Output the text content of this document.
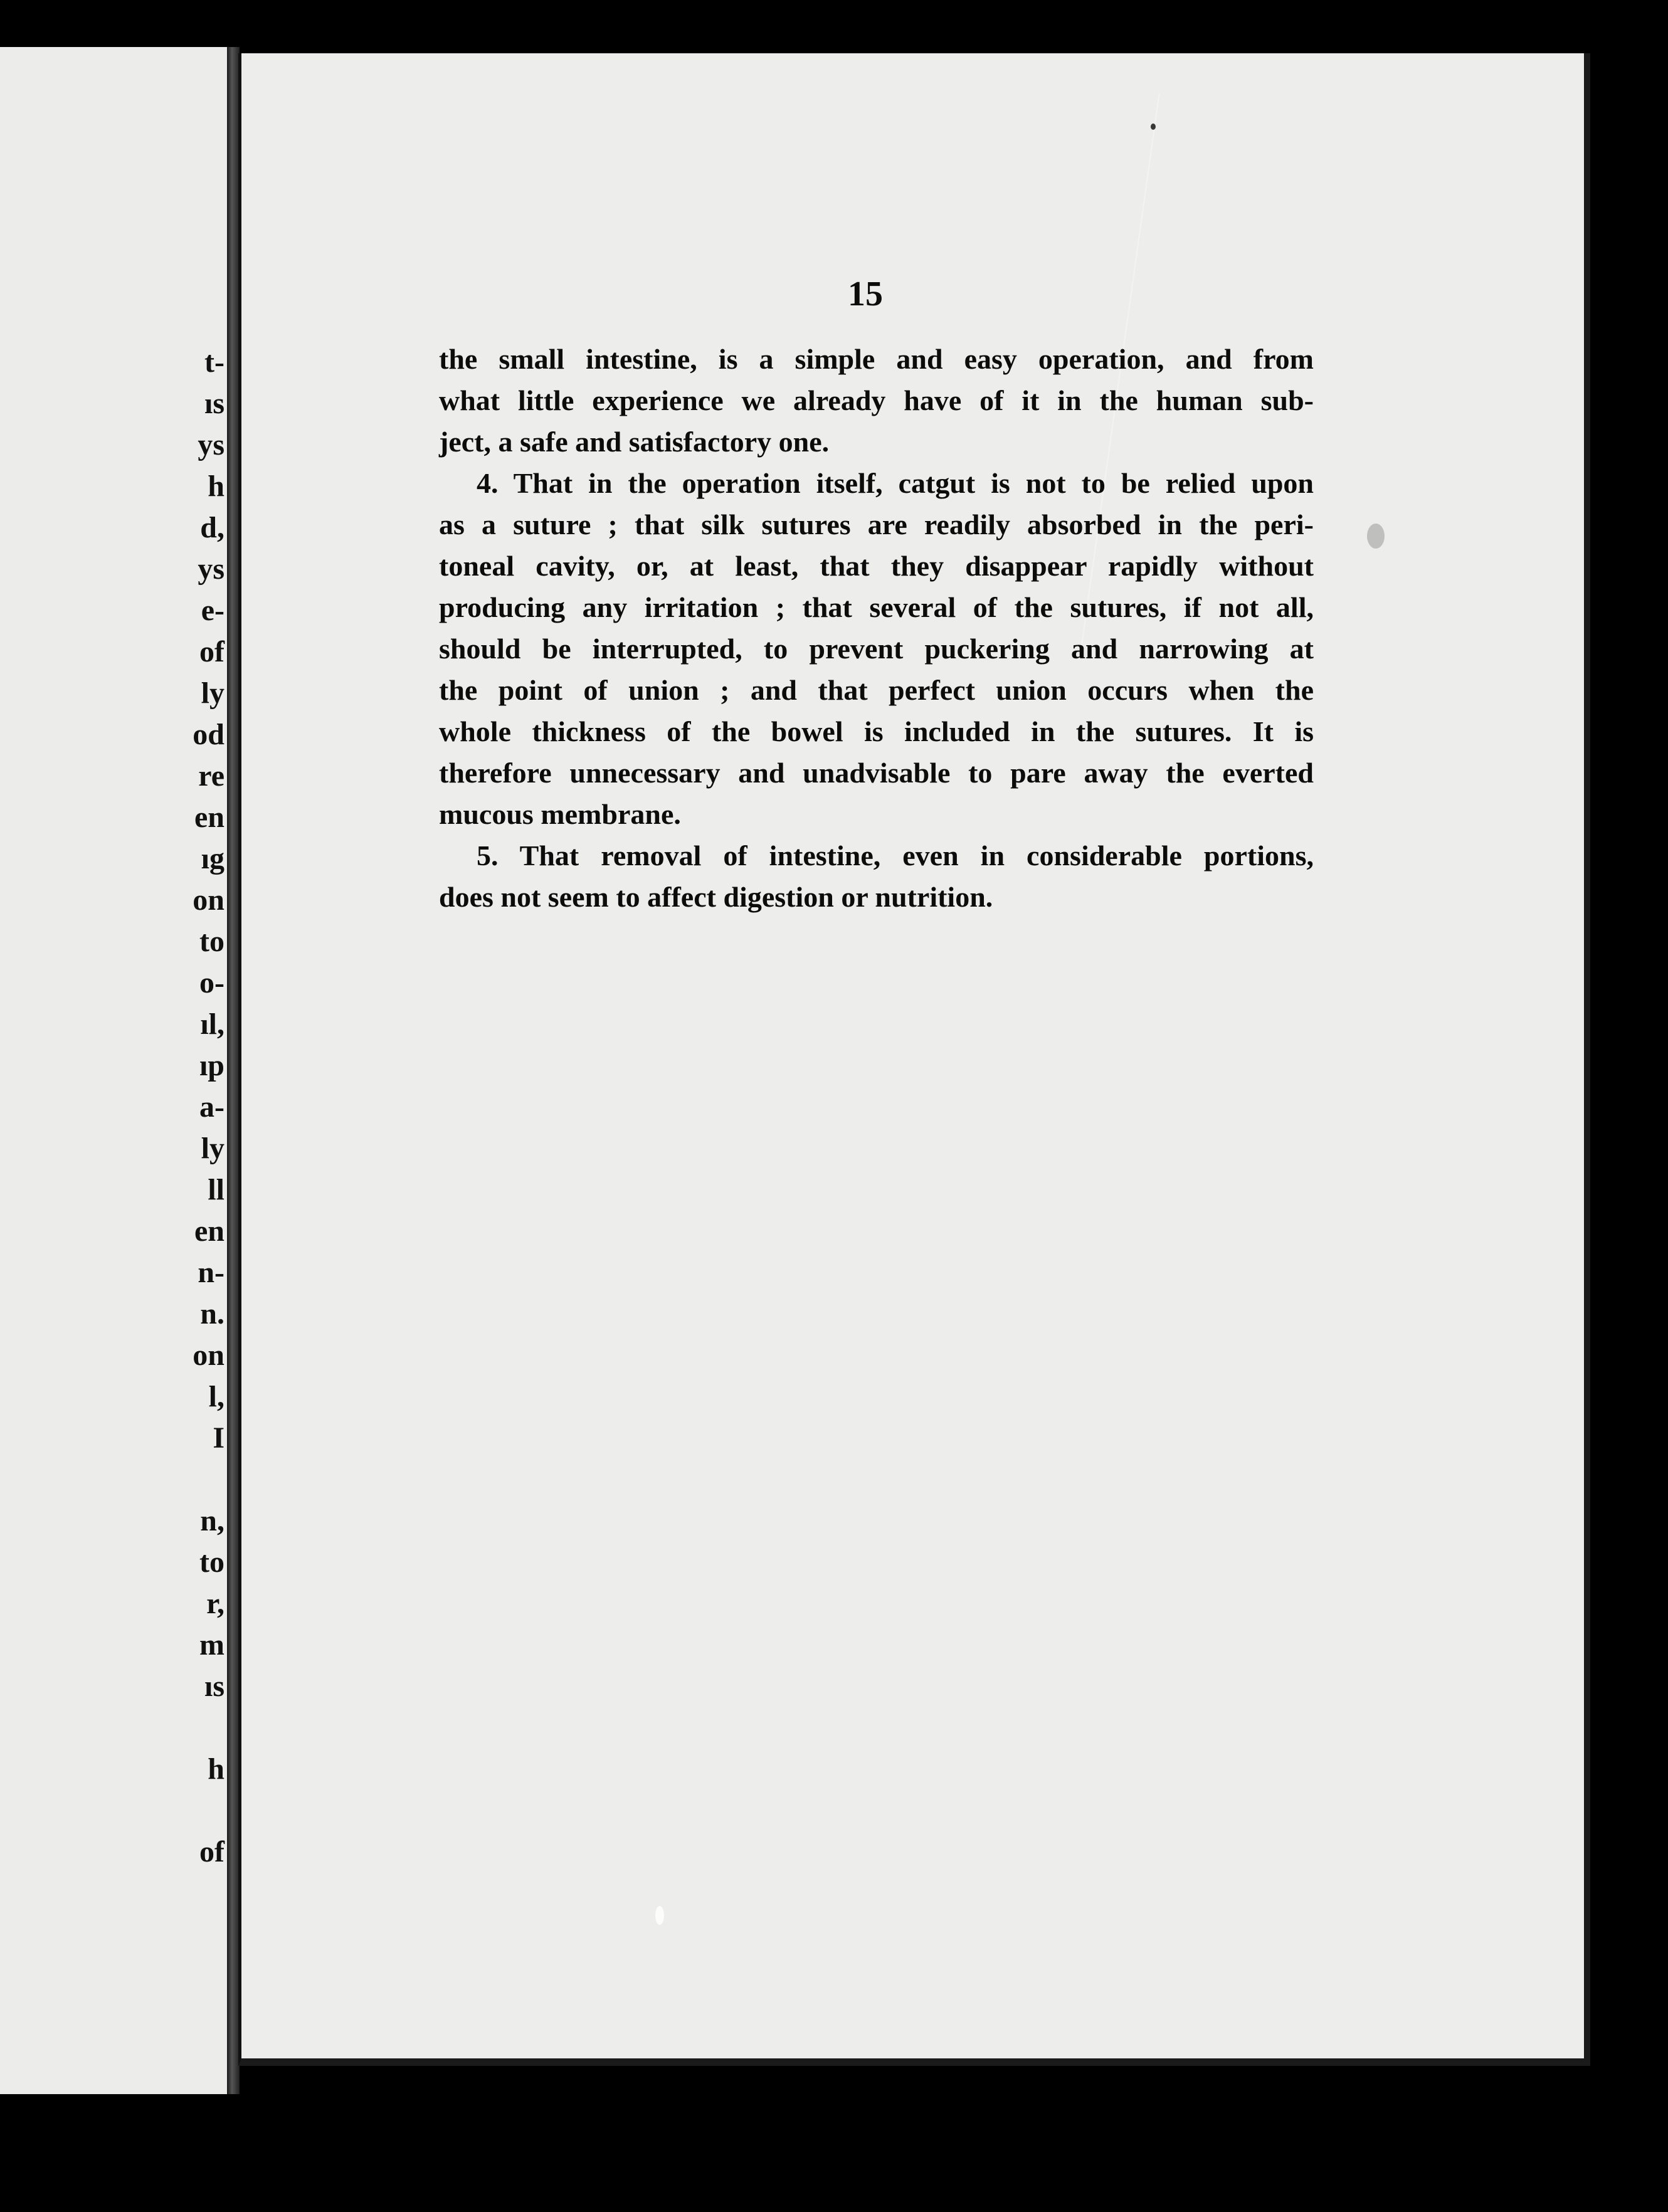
t-
ıs
ys
h
d,
ys
e-
of
ly
od
re
en
ıg
on
to
o-
ıl,
ıp
a-
ly
ll
en
n-
n.
on
l,
I
n,
to
r,
m
ıs
h
of
15

the small intestine, is a simple and easy operation, and from
what little experience we already have of it in the human sub-
ject, a safe and satisfactory one.

4. That in the operation itself, catgut is not to be relied upon
as a suture ; that silk sutures are readily absorbed in the peri-
toneal cavity, or, at least, that they disappear rapidly without
producing any irritation ; that several of the sutures, if not all,
should be interrupted, to prevent puckering and narrowing at
the point of union ; and that perfect union occurs when the
whole thickness of the bowel is included in the sutures. It is
therefore unnecessary and unadvisable to pare away the everted
mucous membrane.

5. That removal of intestine, even in considerable portions,
does not seem to affect digestion or nutrition.
